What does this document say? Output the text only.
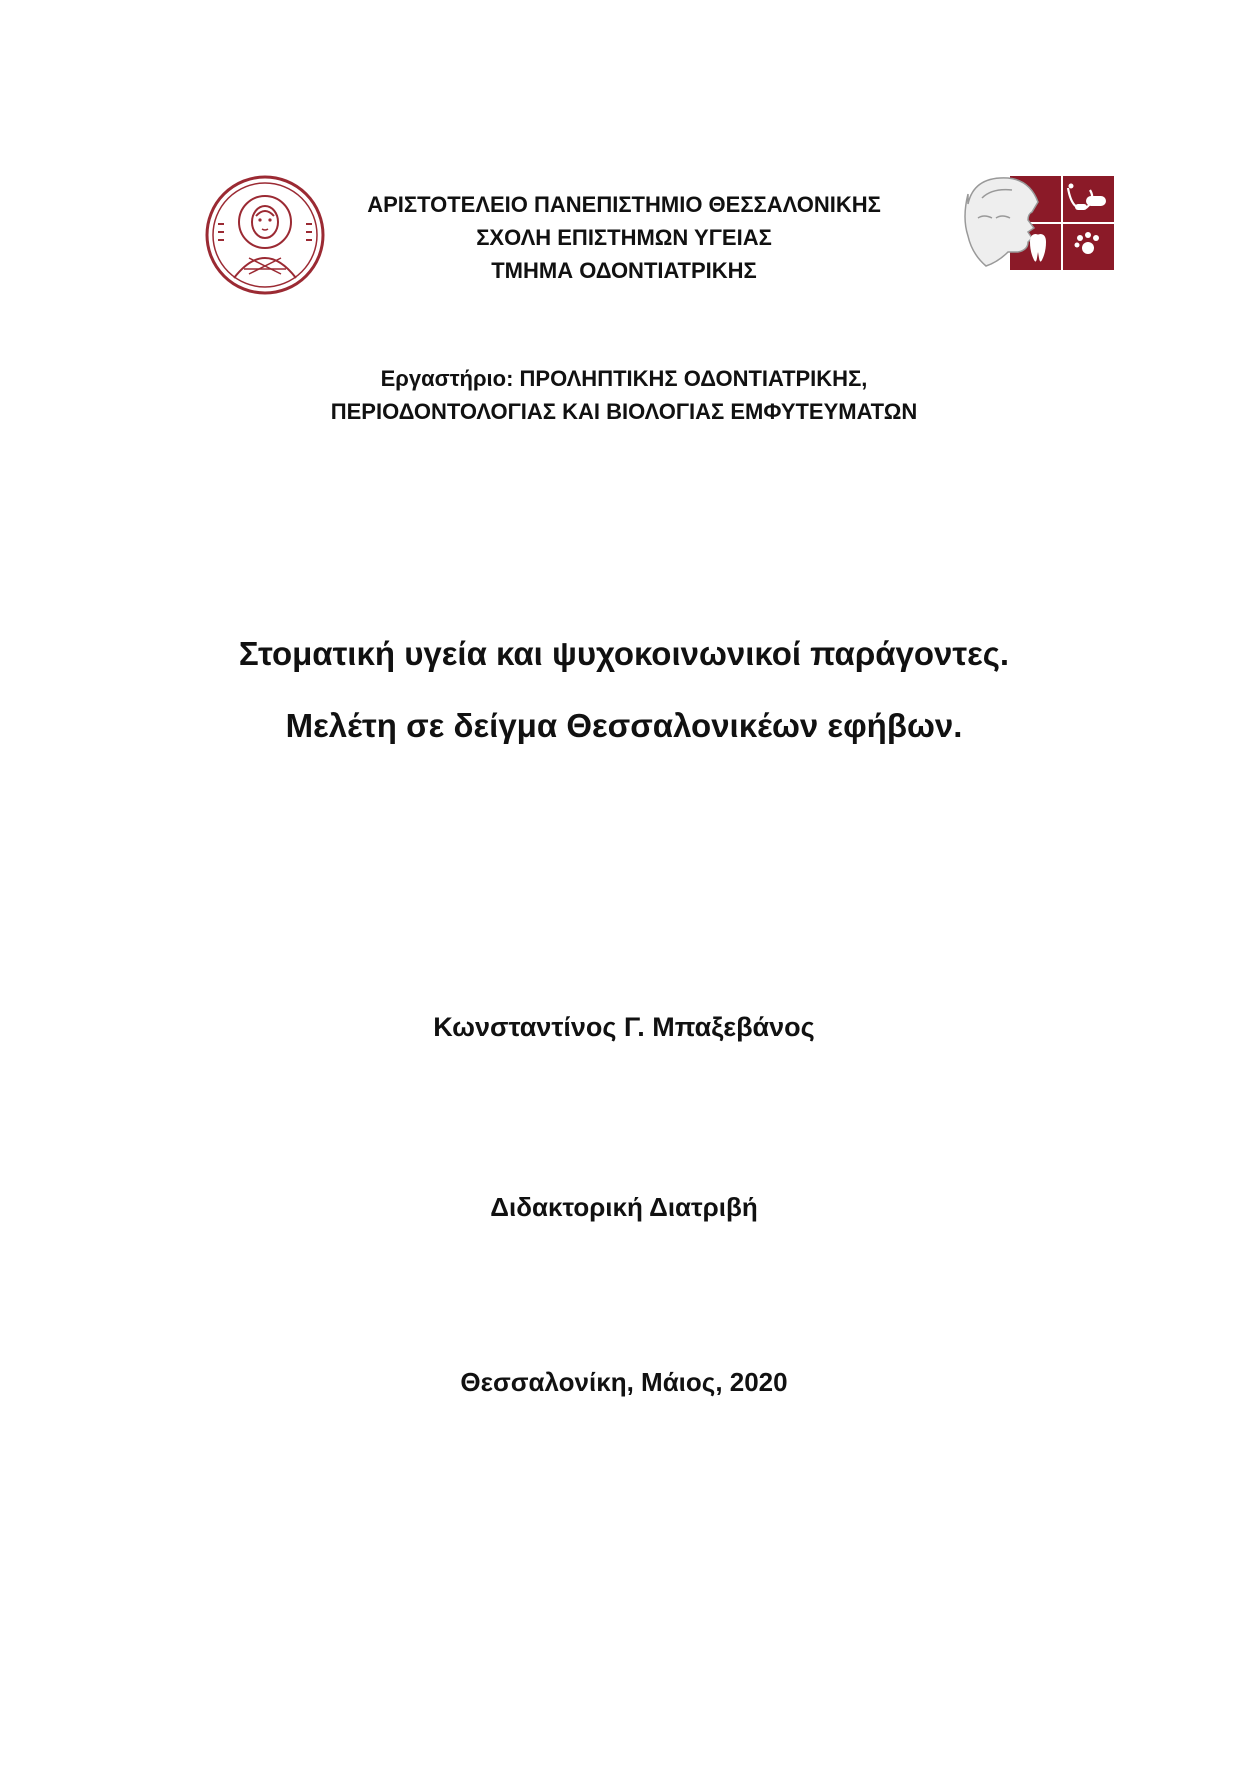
ΑΡΙΣΤΟΤΕΛΕΙΟ ΠΑΝΕΠΙΣΤΗΜΙΟ ΘΕΣΣΑΛΟΝΙΚΗΣ
ΣΧΟΛΗ ΕΠΙΣΤΗΜΩΝ ΥΓΕΙΑΣ
ΤΜΗΜΑ ΟΔΟΝΤΙΑΤΡΙΚΗΣ
Εργαστήριο: ΠΡΟΛΗΠΤΙΚΗΣ ΟΔΟΝΤΙΑΤΡΙΚΗΣ,
ΠΕΡΙΟΔΟΝΤΟΛΟΓΙΑΣ ΚΑΙ ΒΙΟΛΟΓΙΑΣ ΕΜΦΥΤΕΥΜΑΤΩΝ
Στοματική υγεία και ψυχοκοινωνικοί παράγοντες.
Μελέτη σε δείγμα Θεσσαλονικέων εφήβων.
Κωνσταντίνος Γ. Μπαξεβάνος
Διδακτορική Διατριβή
Θεσσαλονίκη, Μάιος, 2020
